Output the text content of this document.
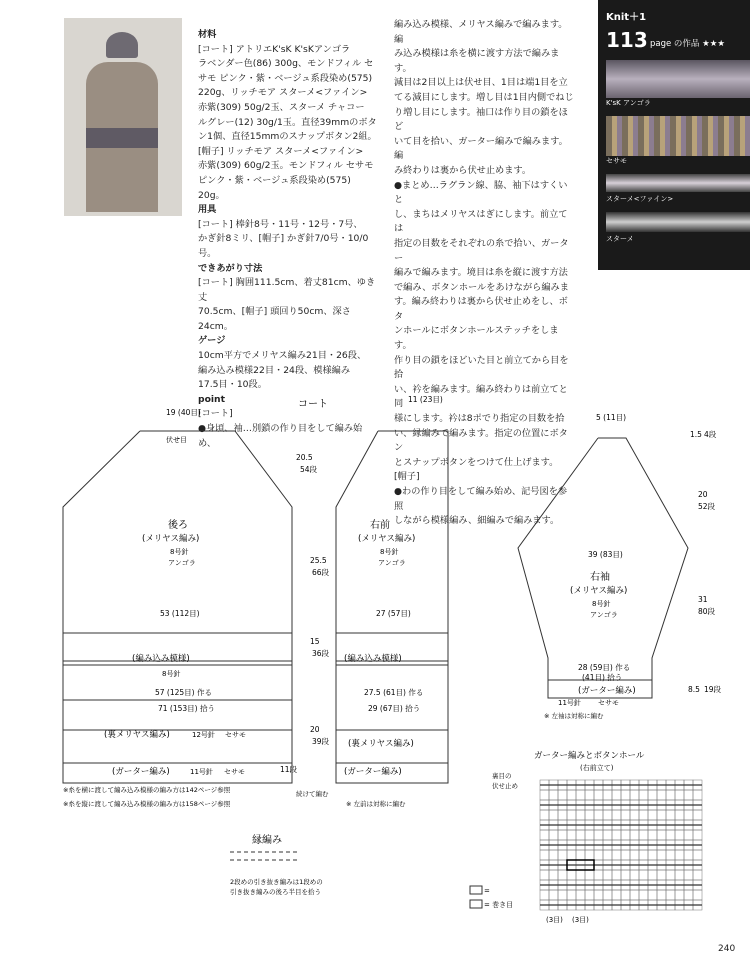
材料
[コート] アトリエK'sK K'sKアンゴラ
ラベンダー色(86) 300g、モンドフィル セ
サモ ピンク・紫・ベージュ系段染め(575)
220g、リッチモア スターメ<ファイン>
赤紫(309) 50g/2玉、スターメ チャコー
ルグレー(12) 30g/1玉。直径39mmのボタ
ン1個、直径15mmのスナップボタン2組。
[帽子] リッチモア スターメ<ファイン>
赤紫(309) 60g/2玉。モンドフィル セサモ
ピンク・紫・ベージュ系段染め(575) 20g。
用具
[コート] 棒針8号・11号・12号・7号、
かぎ針8ミリ、[帽子] かぎ針7/0号・10/0号。
できあがり寸法
[コート] 胸囲111.5cm、着丈81cm、ゆき丈
70.5cm、[帽子] 頭回り50cm、深さ24cm。
ゲージ
10cm平方でメリヤス編み21目・26段、
編み込み模様22目・24段、模様編み
17.5目・10段。
point
[コート]
●身頃、袖…別鎖の作り目をして編み始め、
編み込み模様、メリヤス編みで編みます。編
み込み模様は糸を横に渡す方法で編みます。
減目は2目以上は伏せ目、1目は端1目を立
てる減目にします。増し目は1目内側でねじ
り増し目にします。袖口は作り目の鎖をほど
いて目を拾い、ガーター編みで編みます。編
み終わりは裏から伏せ止めます。
●まとめ…ラグラン線、脇、袖下はすくいと
し、まちはメリヤスはぎにします。前立ては
指定の目数をそれぞれの糸で拾い、ガーター
編みで編みます。境目は糸を縦に渡す方法
で編み、ボタンホールをあけながら編みま
す。編み終わりは裏から伏せ止めをし、ボタ
ンホールにボタンホールステッチをします。
作り目の鎖をほどいた目と前立てから目を拾
い、衿を編みます。編み終わりは前立てと同
様にします。衿は8ポでり指定の目数を拾
い、縁編みで編みます。指定の位置にボタン
とスナップボタンをつけて仕上げます。
[帽子]
●わの作り目をして編み始め、記号図を参照
しながら模様編み、細編みで編みます。
Knit＋1
113 page の作品 ★★★
K'sK アンゴラ
セサモ
スターメ<ファイン>
スターメ
コート
19 (40目)
伏せ目
後ろ
(メリヤス編み)
8号針
アンゴラ
53 (112目)
(編み込み模様)
8号針
57 (125目) 作る
71 (153目) 拾う
(裏メリヤス編み)	12号針 セサモ
(ガーター編み)	11号針 セサモ
20.5
54段
25.5
66段
15
36段
20
39段
11段
11 (23目)
右前
(メリヤス編み)
8号針
アンゴラ
27 (57目)
(編み込み模様)
27.5 (61目) 作る
29 (67目) 拾う
(裏メリヤス編み)
(ガーター編み)
5 (11目)
39 (83目)
右袖
(メリヤス編み)
8号針
アンゴラ
28 (59目) 作る
(41目) 拾う
(ガーター編み)
11号針 セサモ
1.5 4段
20
52段
31
80段
8.5 19段
※糸を横に渡して編み込み模様の編み方は142ページ参照
※糸を縦に渡して編み込み模様の編み方は158ページ参照	※ 左前は対称に編む
※ 左袖は対称に編む
続けて編む
縁編み
2段めの引き抜き編みは1段めの
引き抜き編みの後ろ半目を拾う
ガーター編みとボタンホール
(右前立て)
裏目の
伏せ止め
(3目) (3目)
=
= 巻き目
240
